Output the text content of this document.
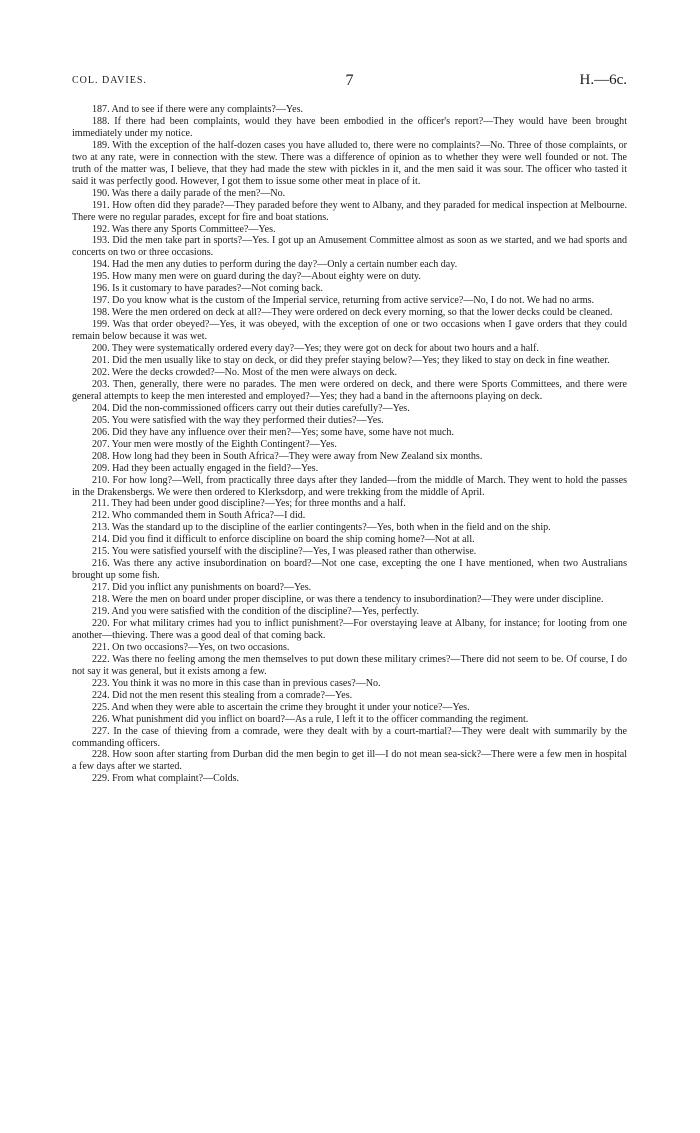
COL. DAVIES.	7	H.—6c.

187. And to see if there were any complaints?—Yes.

188. If there had been complaints, would they have been embodied in the officer's report?—They would have been brought immediately under my notice.

189. With the exception of the half-dozen cases you have alluded to, there were no complaints?—No. Three of those complaints, or two at any rate, were in connection with the stew. There was a difference of opinion as to whether they were well founded or not. The truth of the matter was, I believe, that they had made the stew with pickles in it, and the men said it was sour. The officer who tasted it said it was perfectly good. However, I got them to issue some other meat in place of it.

190. Was there a daily parade of the men?—No.

191. How often did they parade?—They paraded before they went to Albany, and they paraded for medical inspection at Melbourne. There were no regular parades, except for fire and boat stations.

192. Was there any Sports Committee?—Yes.

193. Did the men take part in sports?—Yes. I got up an Amusement Committee almost as soon as we started, and we had sports and concerts on two or three occasions.

194. Had the men any duties to perform during the day?—Only a certain number each day.

195. How many men were on guard during the day?—About eighty were on duty.

196. Is it customary to have parades?—Not coming back.

197. Do you know what is the custom of the Imperial service, returning from active service?—No, I do not. We had no arms.

198. Were the men ordered on deck at all?—They were ordered on deck every morning, so that the lower decks could be cleaned.

199. Was that order obeyed?—Yes, it was obeyed, with the exception of one or two occasions when I gave orders that they could remain below because it was wet.

200. They were systematically ordered every day?—Yes; they were got on deck for about two hours and a half.

201. Did the men usually like to stay on deck, or did they prefer staying below?—Yes; they liked to stay on deck in fine weather.

202. Were the decks crowded?—No. Most of the men were always on deck.

203. Then, generally, there were no parades. The men were ordered on deck, and there were Sports Committees, and there were general attempts to keep the men interested and employed?—Yes; they had a band in the afternoons playing on deck.

204. Did the non-commissioned officers carry out their duties carefully?—Yes.

205. You were satisfied with the way they performed their duties?—Yes.

206. Did they have any influence over their men?—Yes; some have, some have not much.

207. Your men were mostly of the Eighth Contingent?—Yes.

208. How long had they been in South Africa?—They were away from New Zealand six months.

209. Had they been actually engaged in the field?—Yes.

210. For how long?—Well, from practically three days after they landed—from the middle of March. They went to hold the passes in the Drakensbergs. We were then ordered to Klerksdorp, and were trekking from the middle of April.

211. They had been under good discipline?—Yes; for three months and a half.

212. Who commanded them in South Africa?—I did.

213. Was the standard up to the discipline of the earlier contingents?—Yes, both when in the field and on the ship.

214. Did you find it difficult to enforce discipline on board the ship coming home?—Not at all.

215. You were satisfied yourself with the discipline?—Yes, I was pleased rather than otherwise.

216. Was there any active insubordination on board?—Not one case, excepting the one I have mentioned, when two Australians brought up some fish.

217. Did you inflict any punishments on board?—Yes.

218. Were the men on board under proper discipline, or was there a tendency to insubordination?—They were under discipline.

219. And you were satisfied with the condition of the discipline?—Yes, perfectly.

220. For what military crimes had you to inflict punishment?—For overstaying leave at Albany, for instance; for looting from one another—thieving. There was a good deal of that coming back.

221. On two occasions?—Yes, on two occasions.

222. Was there no feeling among the men themselves to put down these military crimes?—There did not seem to be. Of course, I do not say it was general, but it exists among a few.

223. You think it was no more in this case than in previous cases?—No.

224. Did not the men resent this stealing from a comrade?—Yes.

225. And when they were able to ascertain the crime they brought it under your notice?—Yes.

226. What punishment did you inflict on board?—As a rule, I left it to the officer commanding the regiment.

227. In the case of thieving from a comrade, were they dealt with by a court-martial?—They were dealt with summarily by the commanding officers.

228. How soon after starting from Durban did the men begin to get ill—I do not mean sea-sick?—There were a few men in hospital a few days after we started.

229. From what complaint?—Colds.
